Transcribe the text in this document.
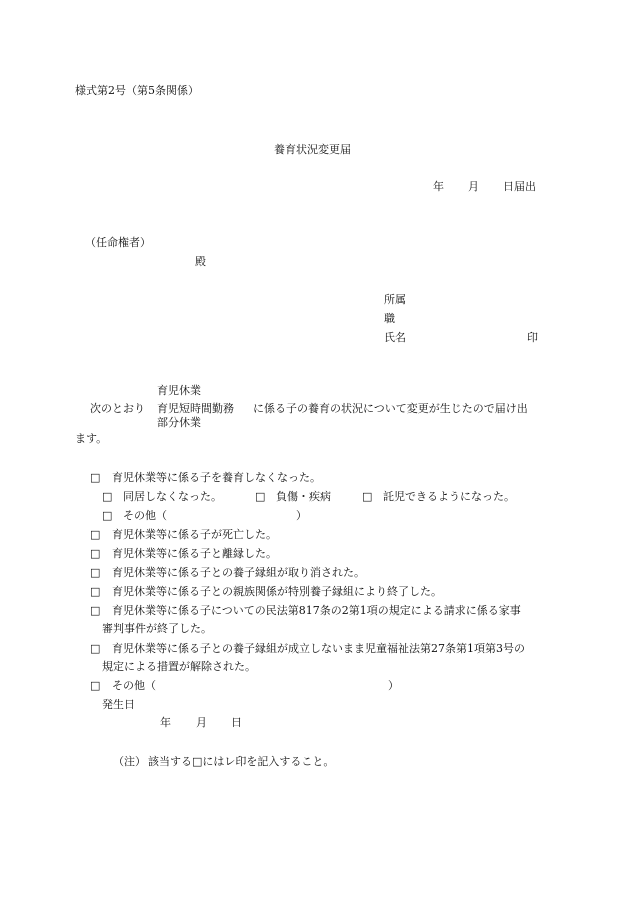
様式第2号（第5条関係）
養育状況変更届
年 月 日届出
（任命権者）
殿
所属
職
氏名	印
育児休業
次のとおり 育児短時間勤務 に係る子の養育の状況について変更が生じたので届け出
部分休業
ます。
□ 育児休業等に係る子を養育しなくなった。
□ 同居しなくなった。	□ 負傷・疾病	□ 託児できるようになった。
□ その他（	）
□ 育児休業等に係る子が死亡した。
□ 育児休業等に係る子と離縁した。
□ 育児休業等に係る子との養子縁組が取り消された。
□ 育児休業等に係る子との親族関係が特別養子縁組により終了した。
□ 育児休業等に係る子についての民法第817条の2第1項の規定による請求に係る家事
審判事件が終了した。
□ 育児休業等に係る子との養子縁組が成立しないまま児童福祉法第27条第1項第3号の
規定による措置が解除された。
□ その他（	）
発生日
年 月 日
（注） 該当する□にはレ印を記入すること。
